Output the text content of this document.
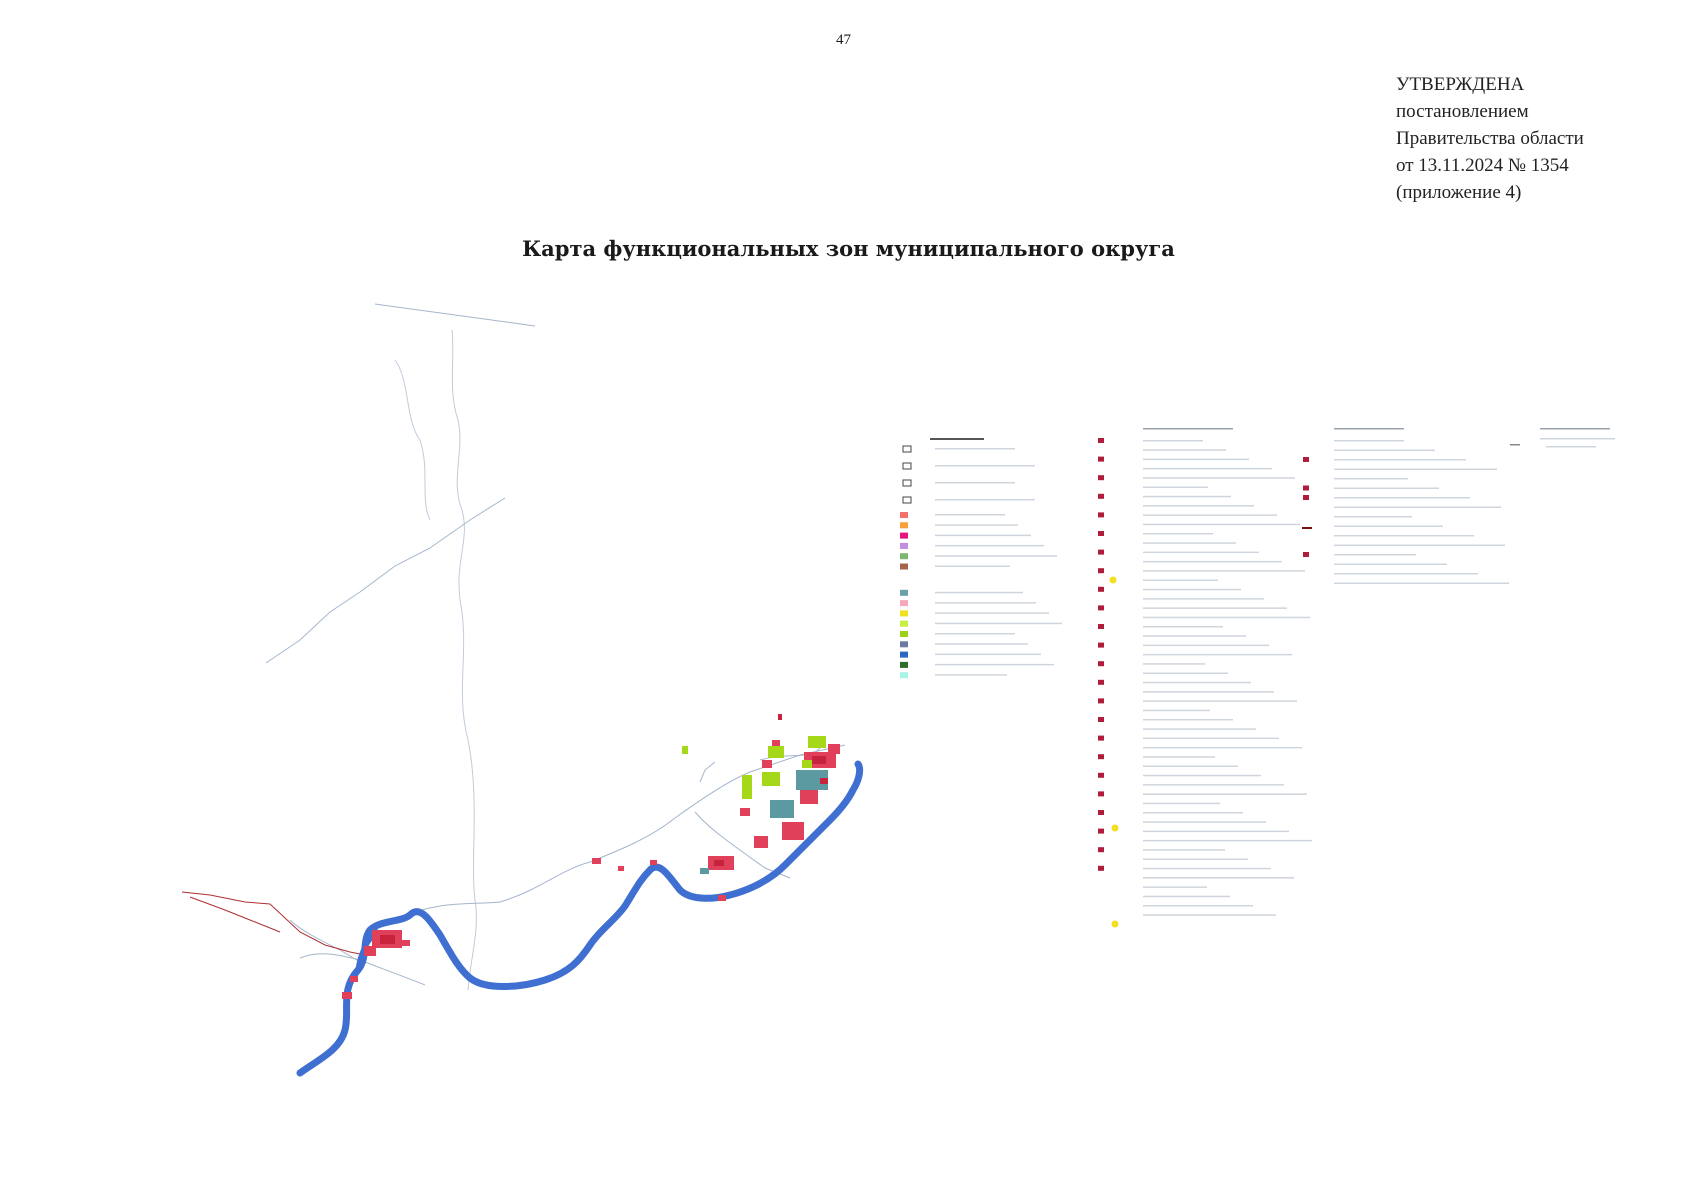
47
УТВЕРЖДЕНА
постановлением
Правительства области
от 13.11.2024 № 1354
(приложение 4)
Карта функциональных зон муниципального округа
